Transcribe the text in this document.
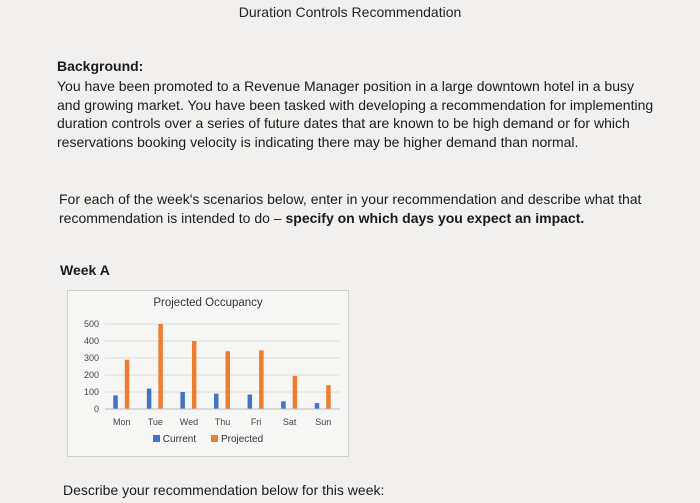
Duration Controls Recommendation
Background:
You have been promoted to a Revenue Manager position in a large downtown hotel in a busy and growing market. You have been tasked with developing a recommendation for implementing duration controls over a series of future dates that are known to be high demand or for which reservations booking velocity is indicating there may be higher demand than normal.
For each of the week's scenarios below, enter in your recommendation and describe what that recommendation is intended to do – specify on which days you expect an impact.
Week A
Projected Occupancy
0
100
200
300
400
500
Mon Tue Wed Thu Fri Sat Sun
Current Projected
Describe your recommendation below for this week:
